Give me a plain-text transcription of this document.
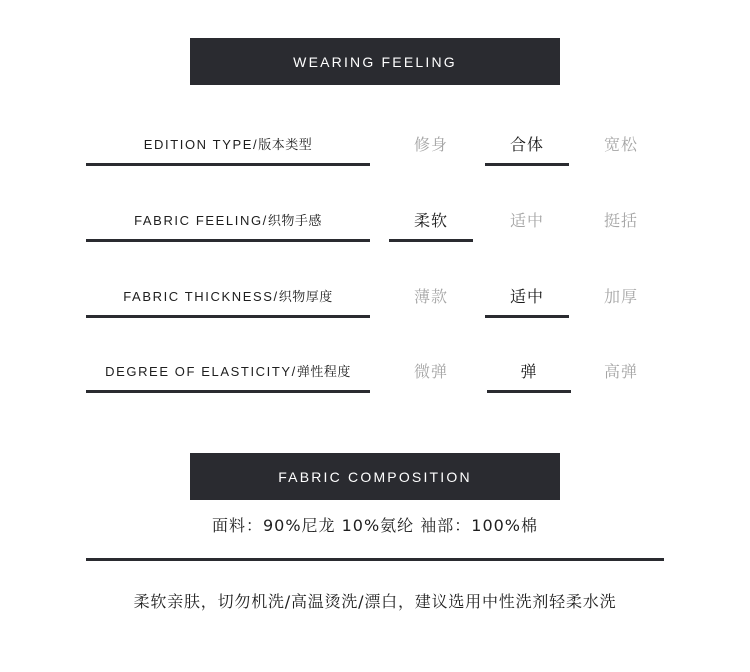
WEARING FEELING
EDITION TYPE/版本类型	修身	合体	宽松
FABRIC FEELING/织物手感	柔软	适中	挺括
FABRIC THICKNESS/织物厚度	薄款	适中	加厚
DEGREE OF ELASTICITY/弹性程度	微弹	弹	高弹
FABRIC COMPOSITION
面料：90%尼龙 10%氨纶 袖部：100%棉
柔软亲肤，切勿机洗/高温烫洗/漂白，建议选用中性洗剂轻柔水洗
